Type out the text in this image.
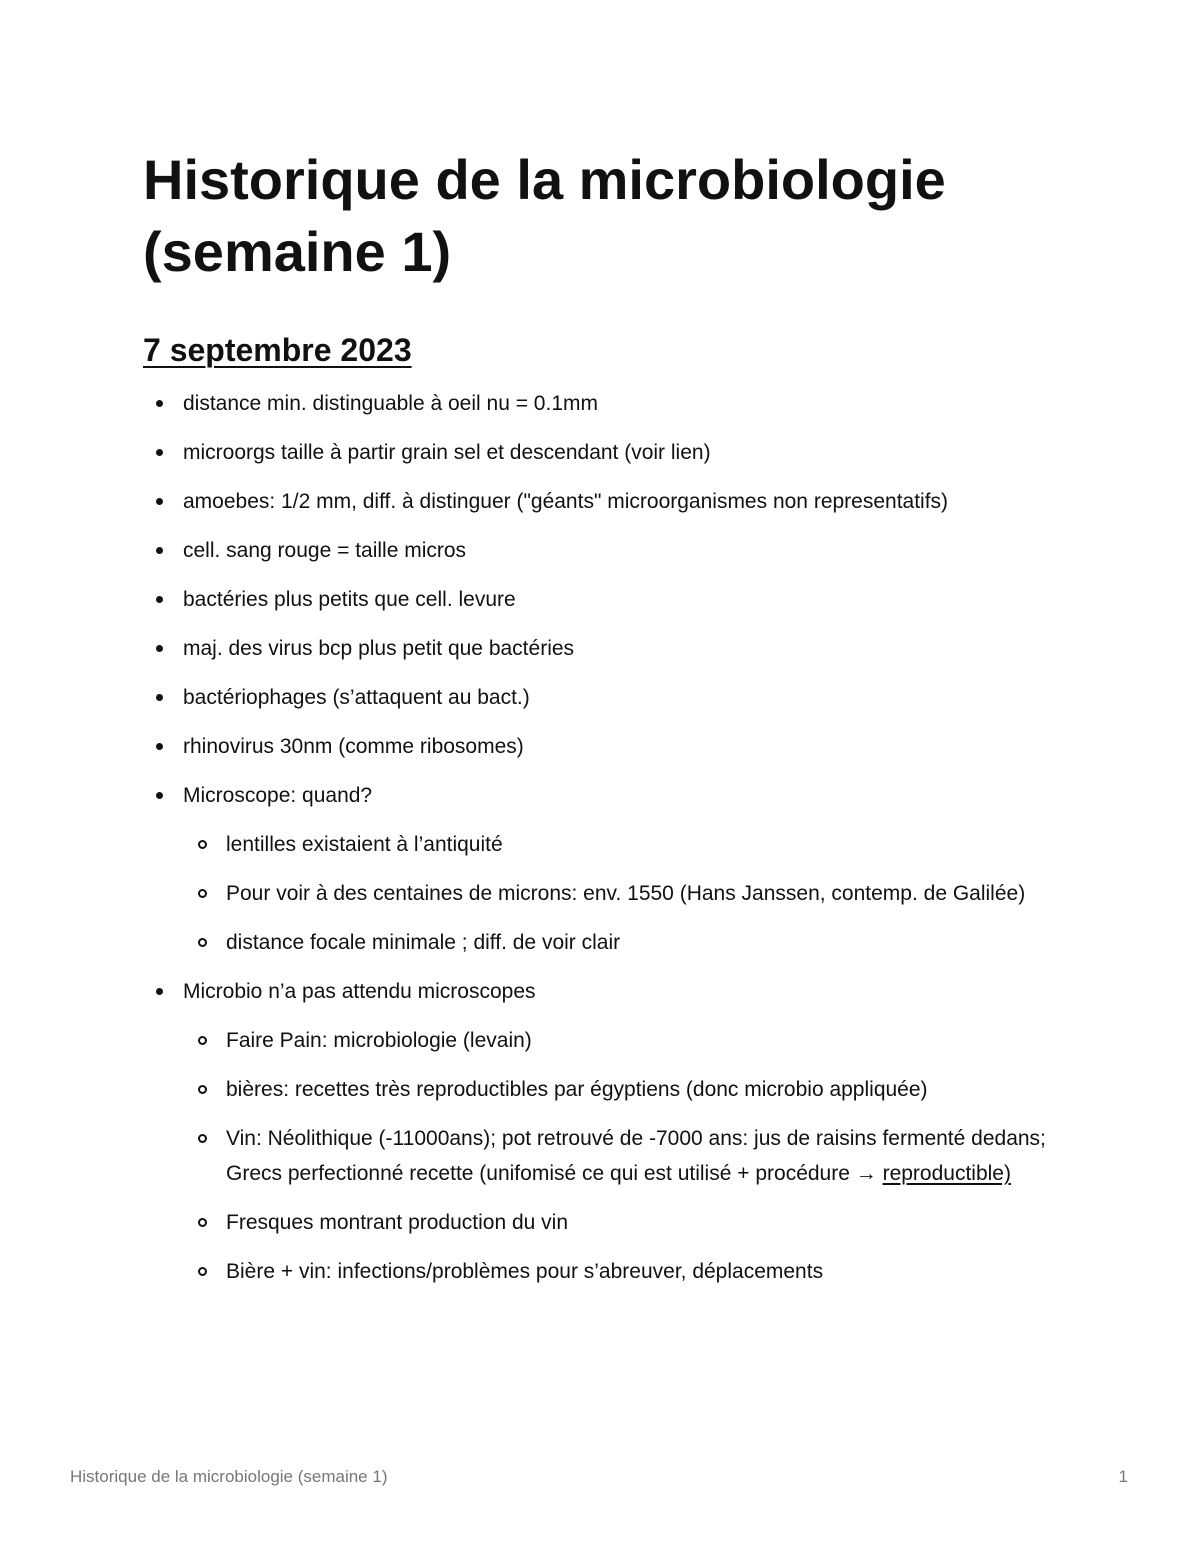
Historique de la microbiologie (semaine 1)
7 septembre 2023
distance min. distinguable à oeil nu = 0.1mm
microorgs taille à partir grain sel et descendant (voir lien)
amoebes: 1/2 mm, diff. à distinguer ("géants" microorganismes non representatifs)
cell. sang rouge = taille micros
bactéries plus petits que cell. levure
maj. des virus bcp plus petit que bactéries
bactériophages (s’attaquent au bact.)
rhinovirus 30nm (comme ribosomes)
Microscope: quand?
lentilles existaient à l’antiquité
Pour voir à des centaines de microns: env. 1550 (Hans Janssen, contemp. de Galilée)
distance focale minimale ; diff. de voir clair
Microbio n’a pas attendu microscopes
Faire Pain: microbiologie (levain)
bières: recettes très reproductibles par égyptiens (donc microbio appliquée)
Vin: Néolithique (-11000ans); pot retrouvé de -7000 ans: jus de raisins fermenté dedans; Grecs perfectionné recette (unifomisé ce qui est utilisé + procédure → reproductible)
Fresques montrant production du vin
Bière + vin: infections/problèmes pour s’abreuver, déplacements
Historique de la microbiologie (semaine 1)	1
